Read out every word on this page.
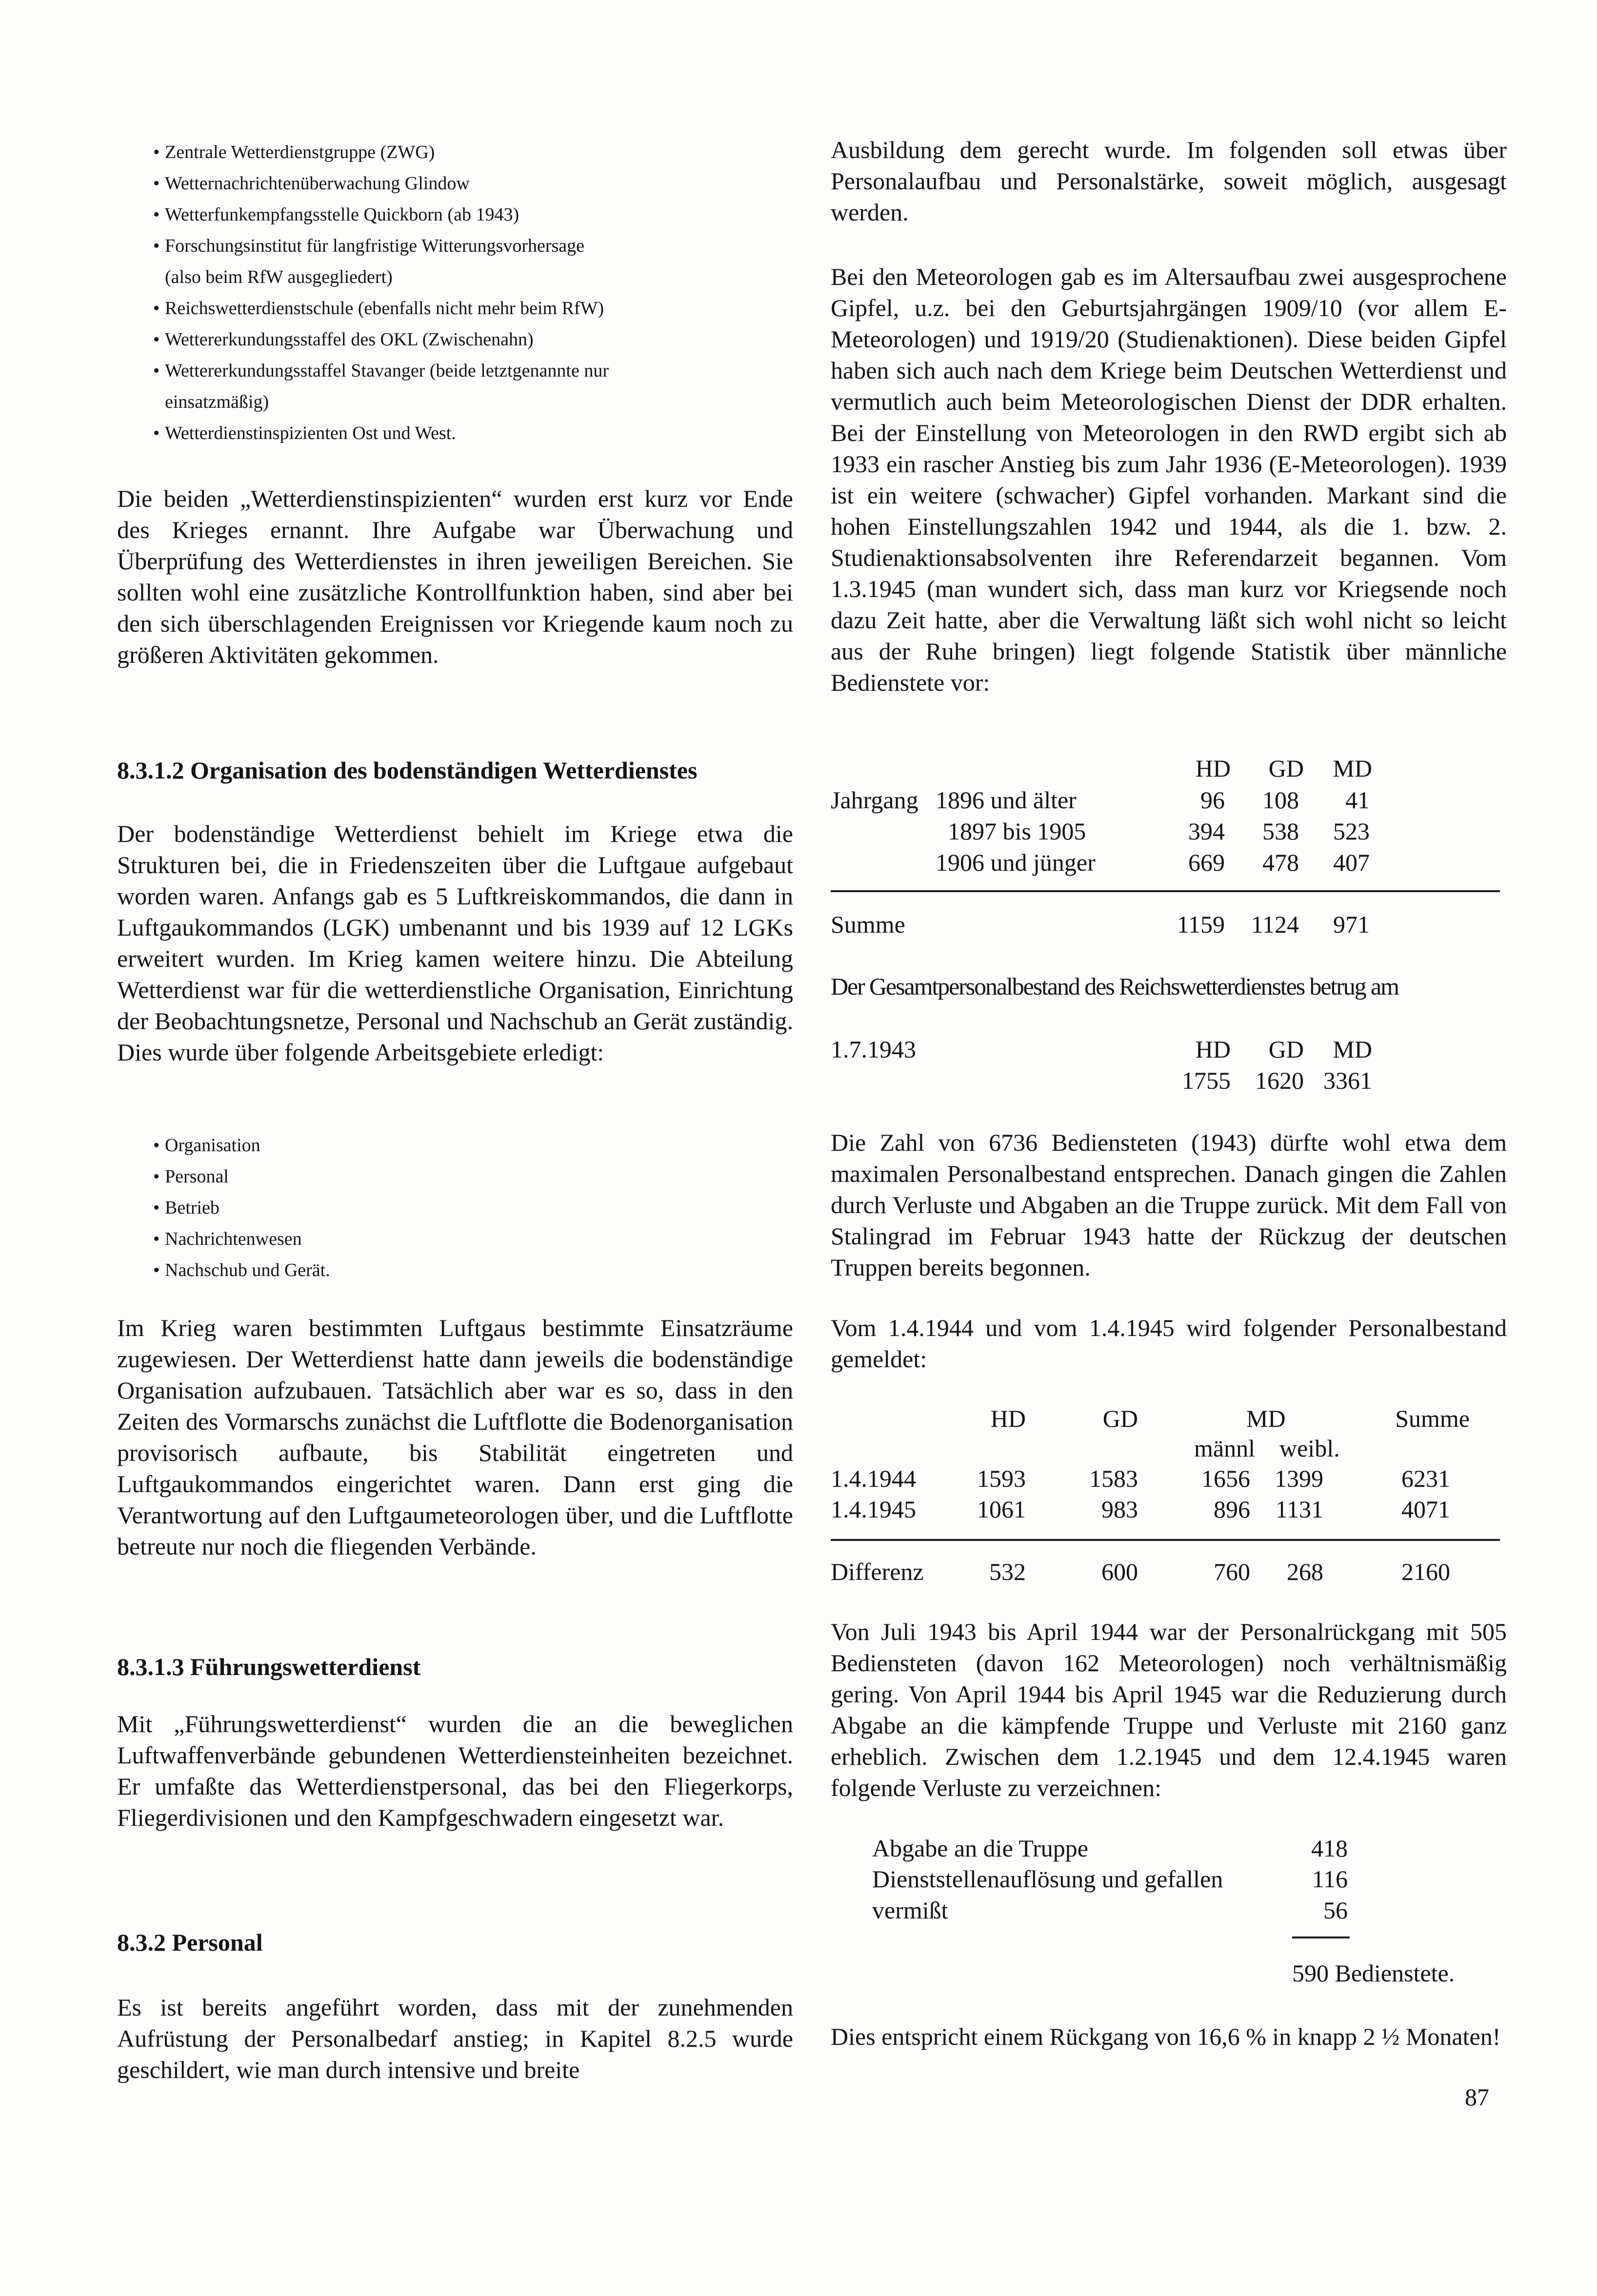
• Zentrale Wetterdienstgruppe (ZWG)
• Wetternachrichtenüberwachung Glindow
• Wetterfunkempfangsstelle Quickborn (ab 1943)
• Forschungsinstitut für langfristige Witterungsvorhersage
(also beim RfW ausgegliedert)
• Reichswetterdienstschule (ebenfalls nicht mehr beim RfW)
• Wettererkundungsstaffel des OKL (Zwischenahn)
• Wettererkundungsstaffel Stavanger (beide letztgenannte nur
einsatzmäßig)
• Wetterdienstinspizienten Ost und West.

Die beiden „Wetterdienstinspizienten“ wurden erst kurz vor Ende des Krieges ernannt. Ihre Aufgabe war Überwachung und Überprüfung des Wetterdienstes in ihren jeweiligen Bereichen. Sie sollten wohl eine zusätzliche Kontrollfunktion haben, sind aber bei den sich überschlagenden Ereignissen vor Kriegende kaum noch zu größeren Aktivitäten gekommen.

8.3.1.2 Organisation des bodenständigen Wetterdienstes

Der bodenständige Wetterdienst behielt im Kriege etwa die Strukturen bei, die in Friedenszeiten über die Luftgaue aufgebaut worden waren. Anfangs gab es 5 Luftkreiskommandos, die dann in Luftgaukommandos (LGK) umbenannt und bis 1939 auf 12 LGKs erweitert wurden. Im Krieg kamen weitere hinzu. Die Abteilung Wetterdienst war für die wetterdienstliche Organisation, Einrichtung der Beobachtungsnetze, Personal und Nachschub an Gerät zuständig. Dies wurde über folgende Arbeitsgebiete erledigt:

• Organisation
• Personal
• Betrieb
• Nachrichtenwesen
• Nachschub und Gerät.

Im Krieg waren bestimmten Luftgaus bestimmte Einsatzräume zugewiesen. Der Wetterdienst hatte dann jeweils die bodenständige Organisation aufzubauen. Tatsächlich aber war es so, dass in den Zeiten des Vormarschs zunächst die Luftflotte die Bodenorganisation provisorisch aufbaute, bis Stabilität eingetreten und Luftgaukommandos eingerichtet waren. Dann erst ging die Verantwortung auf den Luftgaumeteorologen über, und die Luftflotte betreute nur noch die fliegenden Verbände.

8.3.1.3 Führungswetterdienst

Mit „Führungswetterdienst“ wurden die an die beweglichen Luftwaffenverbände gebundenen Wetterdiensteinheiten bezeichnet. Er umfaßte das Wetterdienstpersonal, das bei den Fliegerkorps, Fliegerdivisionen und den Kampfgeschwadern eingesetzt war.

8.3.2 Personal

Es ist bereits angeführt worden, dass mit der zunehmenden Aufrüstung der Personalbedarf anstieg; in Kapitel 8.2.5 wurde geschildert, wie man durch intensive und breite

Ausbildung dem gerecht wurde. Im folgenden soll etwas über Personalaufbau und Personalstärke, soweit möglich, ausgesagt werden.

Bei den Meteorologen gab es im Altersaufbau zwei ausgesprochene Gipfel, u.z. bei den Geburtsjahrgängen 1909/10 (vor allem E-Meteorologen) und 1919/20 (Studienaktionen). Diese beiden Gipfel haben sich auch nach dem Kriege beim Deutschen Wetterdienst und vermutlich auch beim Meteorologischen Dienst der DDR erhalten. Bei der Einstellung von Meteorologen in den RWD ergibt sich ab 1933 ein rascher Anstieg bis zum Jahr 1936 (E-Meteorologen). 1939 ist ein weitere (schwacher) Gipfel vorhanden. Markant sind die hohen Einstellungszahlen 1942 und 1944, als die 1. bzw. 2. Studienaktionsabsolventen ihre Referendarzeit begannen. Vom 1.3.1945 (man wundert sich, dass man kurz vor Kriegsende noch dazu Zeit hatte, aber die Verwaltung läßt sich wohl nicht so leicht aus der Ruhe bringen) liegt folgende Statistik über männliche Bedienstete vor:

HD	GD	MD
Jahrgang 1896 und älter	96	108	41
1897 bis 1905	394	538	523
1906 und jünger	669	478	407
Summe	1159	1124	971

Der Gesamtpersonalbestand des Reichswetterdienstes betrug am

1.7.1943	HD	GD	MD
1755	1620 3361

Die Zahl von 6736 Bediensteten (1943) dürfte wohl etwa dem maximalen Personalbestand entsprechen. Danach gingen die Zahlen durch Verluste und Abgaben an die Truppe zurück. Mit dem Fall von Stalingrad im Februar 1943 hatte der Rückzug der deutschen Truppen bereits begonnen.

Vom 1.4.1944 und vom 1.4.1945 wird folgender Personalbestand gemeldet:

HD	GD	MD	Summe
männl weibl.
1.4.1944	1593	1583	1656	1399	6231
1.4.1945	1061	983	896	1131	4071
Differenz	532	600	760	268	2160

Von Juli 1943 bis April 1944 war der Personalrückgang mit 505 Bediensteten (davon 162 Meteorologen) noch verhältnismäßig gering. Von April 1944 bis April 1945 war die Reduzierung durch Abgabe an die kämpfende Truppe und Verluste mit 2160 ganz erheblich. Zwischen dem 1.2.1945 und dem 12.4.1945 waren folgende Verluste zu verzeichnen:

Abgabe an die Truppe	418
Dienststellenauflösung und gefallen	116
vermißt	56
590 Bedienstete.

Dies entspricht einem Rückgang von 16,6 % in knapp 2 ½ Monaten!

87
